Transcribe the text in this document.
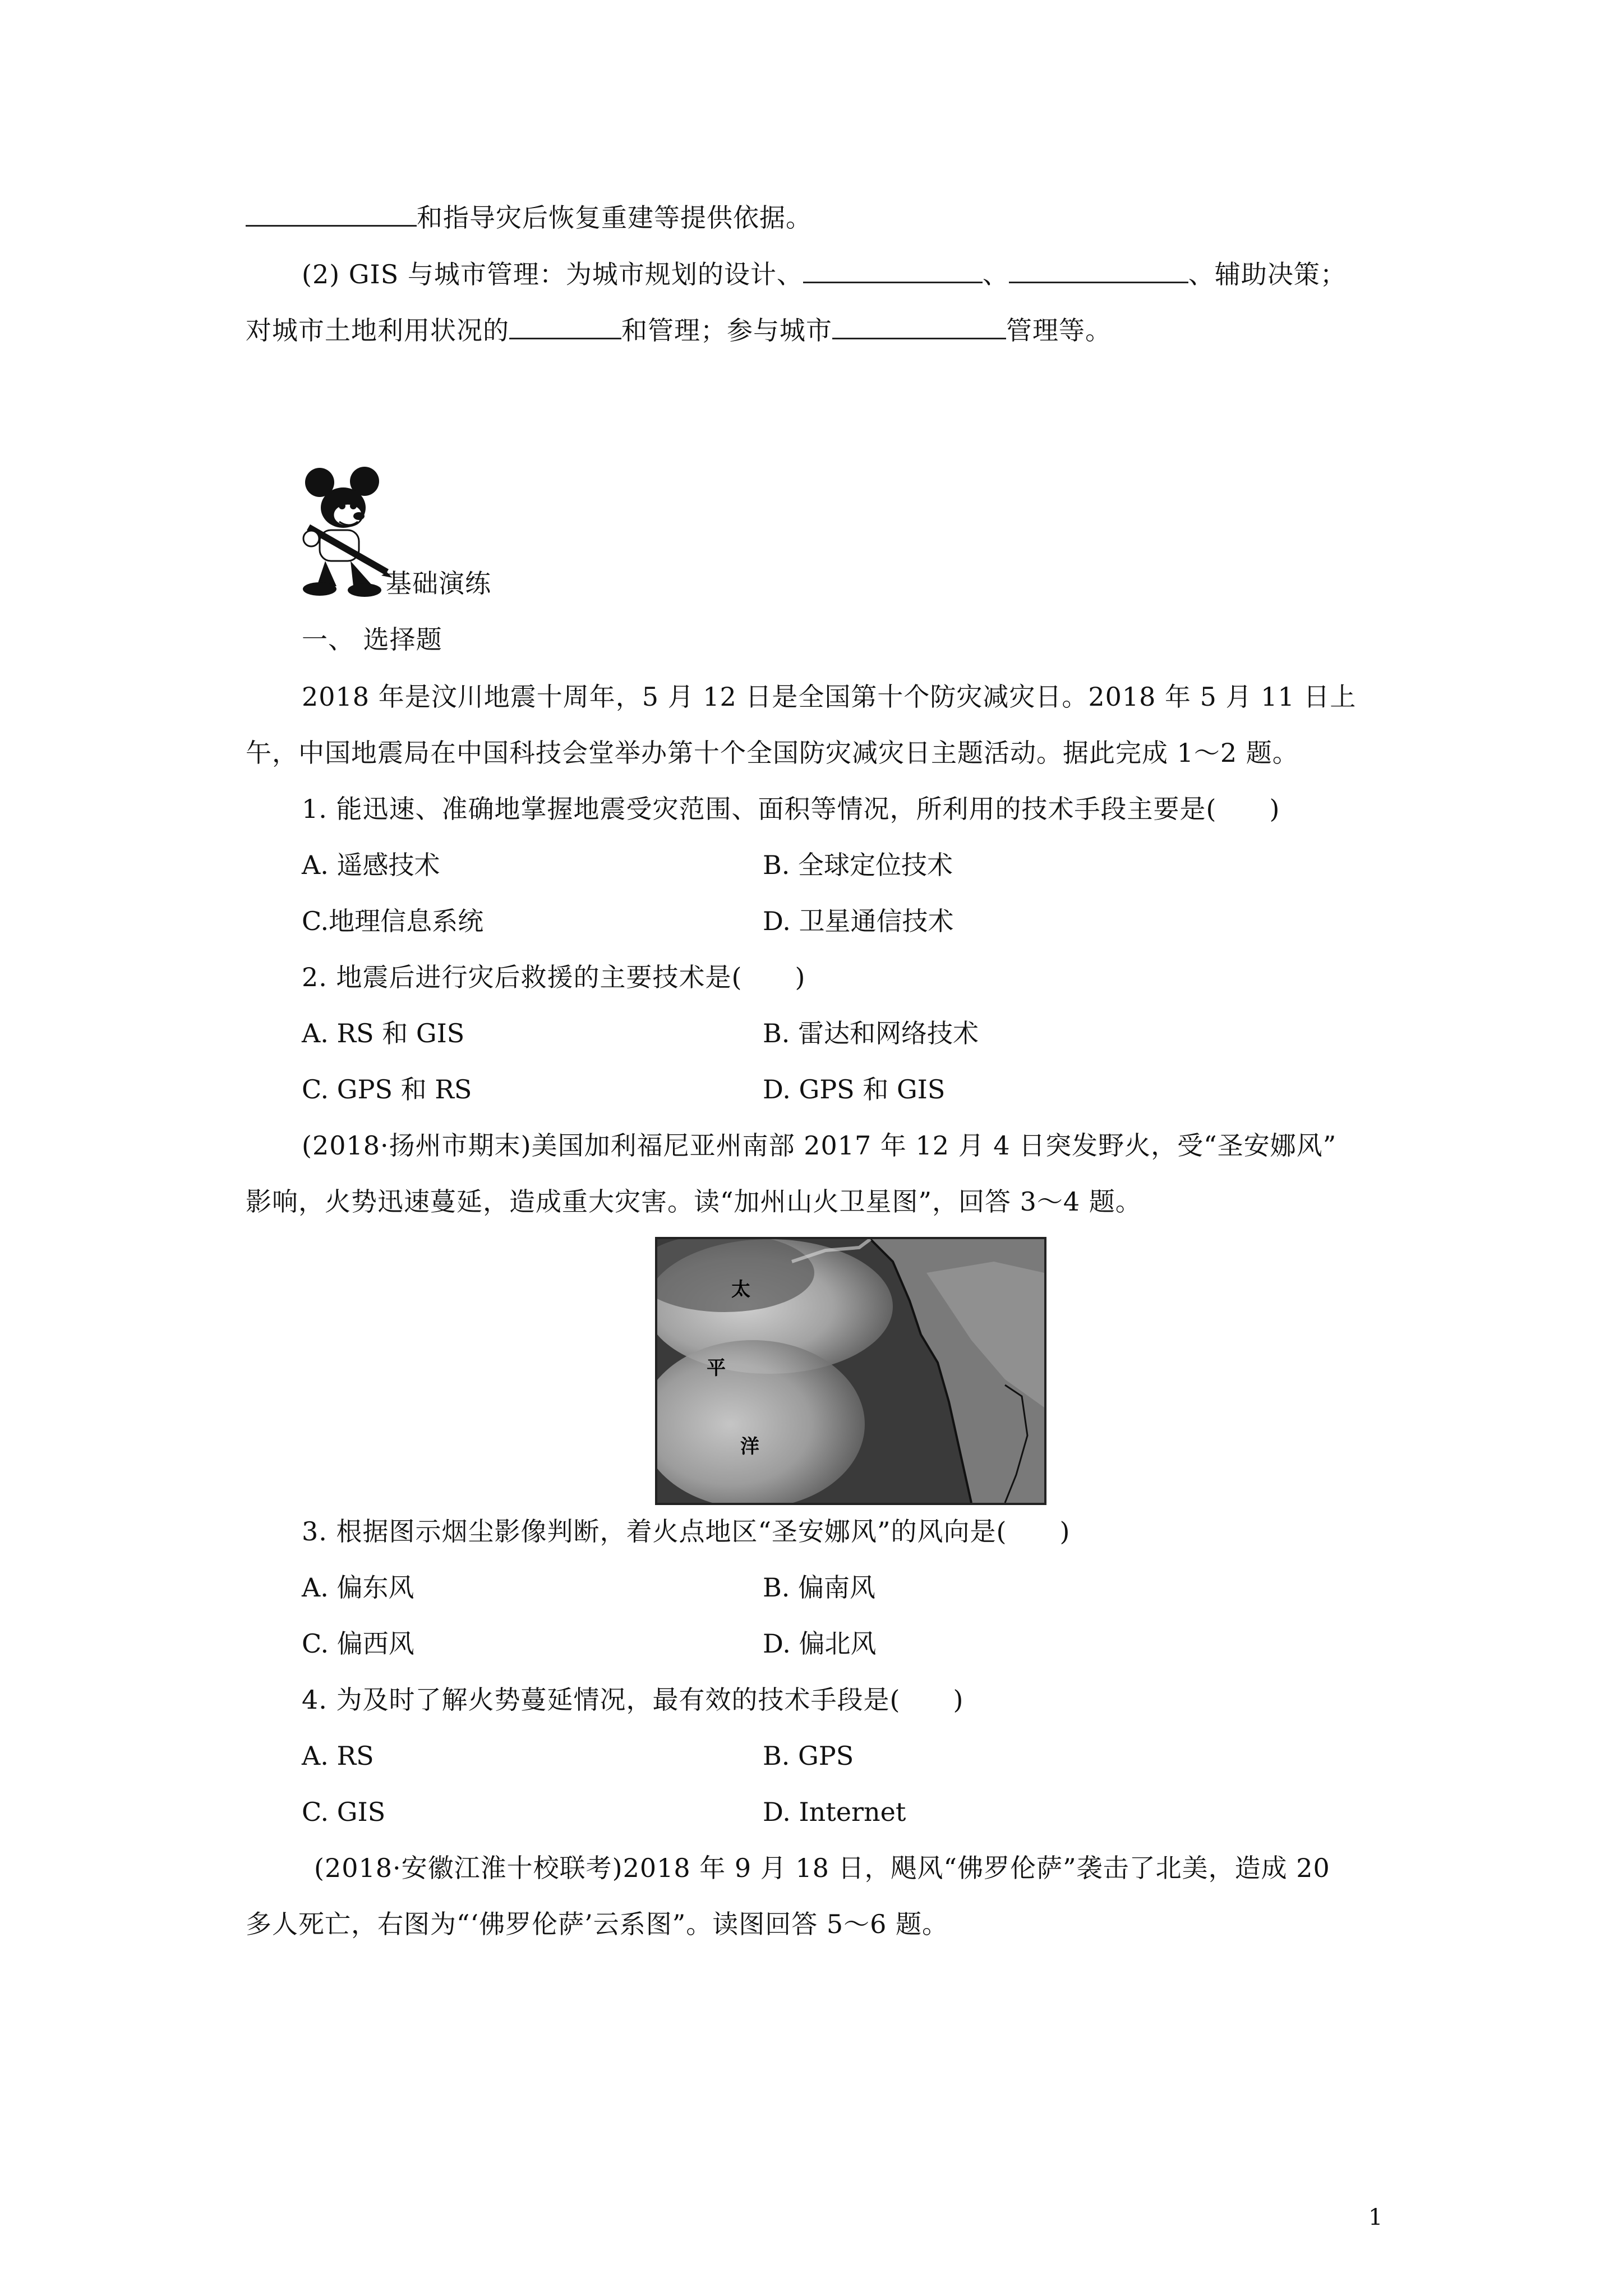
和指导灾后恢复重建等提供依据。
(2) GIS 与城市管理：为城市规划的设计、	、	、辅助决策；
对城市土地利用状况的	和管理；参与城市	管理等。
基础演练
一、 选择题
2018 年是汶川地震十周年，5 月 12 日是全国第十个防灾减灾日。2018 年 5 月 11 日上
午，中国地震局在中国科技会堂举办第十个全国防灾减灾日主题活动。据此完成 1～2 题。
1. 能迅速、准确地掌握地震受灾范围、面积等情况，所利用的技术手段主要是(　　)
A. 遥感技术	B. 全球定位技术
C.地理信息系统	D. 卫星通信技术
2. 地震后进行灾后救援的主要技术是(　　)
A. RS 和 GIS	B. 雷达和网络技术
C. GPS 和 RS	D. GPS 和 GIS
(2018·扬州市期末)美国加利福尼亚州南部 2017 年 12 月 4 日突发野火，受“圣安娜风”
影响，火势迅速蔓延，造成重大灾害。读“加州山火卫星图”，回答 3～4 题。
太
平
洋
3. 根据图示烟尘影像判断，着火点地区“圣安娜风”的风向是(　　)
A. 偏东风	B. 偏南风
C. 偏西风	D. 偏北风
4. 为及时了解火势蔓延情况，最有效的技术手段是(　　)
A. RS	B. GPS
C. GIS	D. Internet
(2018·安徽江淮十校联考)2018 年 9 月 18 日，飓风“佛罗伦萨”袭击了北美，造成 20
多人死亡，右图为“‘佛罗伦萨’云系图”。读图回答 5～6 题。
1
